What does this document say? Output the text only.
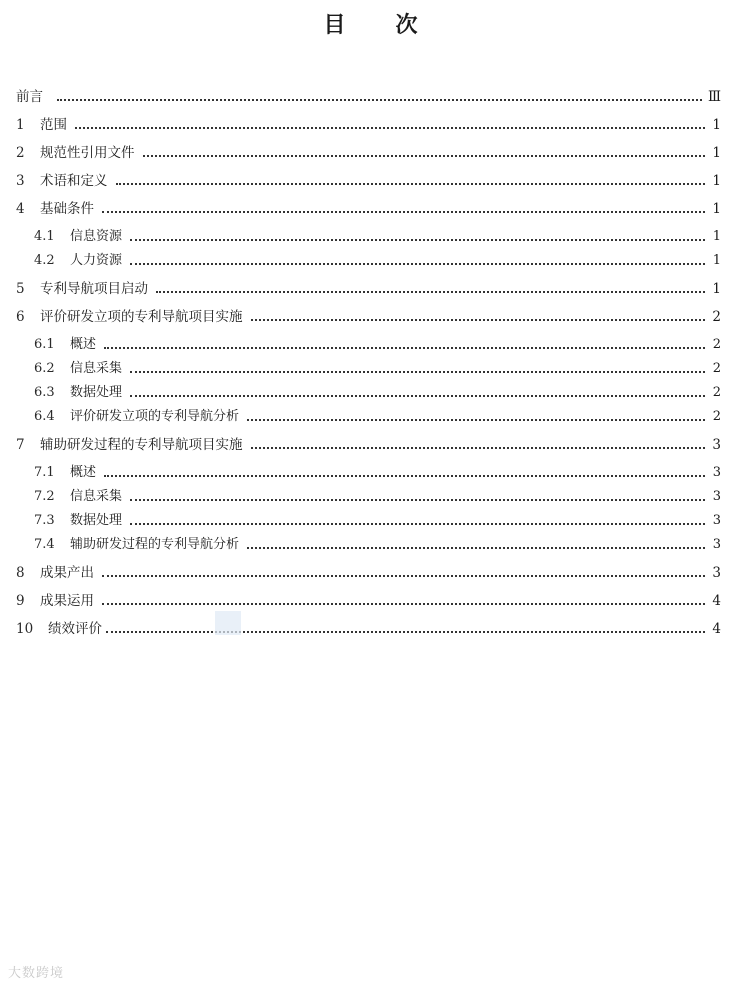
目 次
前言	Ⅲ
1	范围	1
2	规范性引用文件	1
3	术语和定义	1
4	基础条件	1
4.1	信息资源	1
4.2	人力资源	1
5	专利导航项目启动	1
6	评价研发立项的专利导航项目实施	2
6.1	概述	2
6.2	信息采集	2
6.3	数据处理	2
6.4	评价研发立项的专利导航分析	2
7	辅助研发过程的专利导航项目实施	3
7.1	概述	3
7.2	信息采集	3
7.3	数据处理	3
7.4	辅助研发过程的专利导航分析	3
8	成果产出	3
9	成果运用	4
10	绩效评价	4
大数跨境
